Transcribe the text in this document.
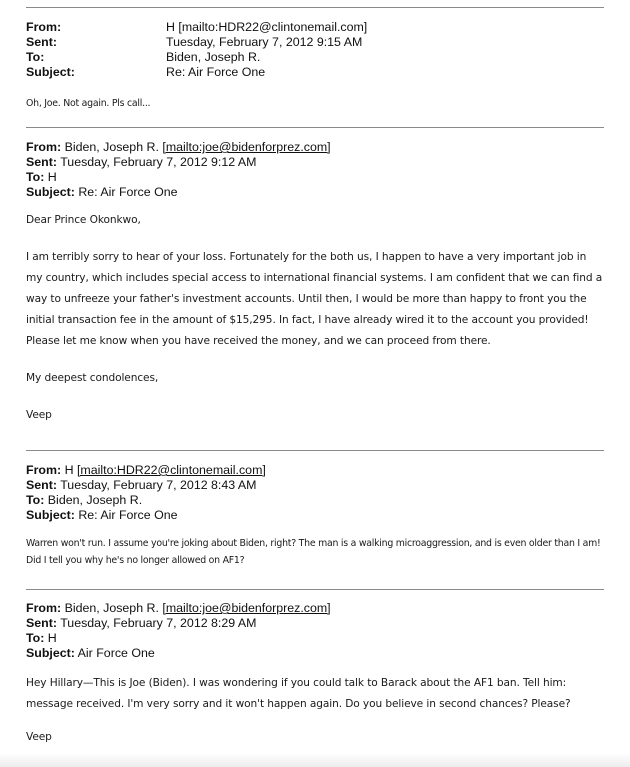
From:	H [mailto:HDR22@clintonemail.com]
Sent:	Tuesday, February 7, 2012 9:15 AM
To:	Biden, Joseph R.
Subject:	Re: Air Force One
Oh, Joe. Not again. Pls call...
From: Biden, Joseph R. [mailto:joe@bidenforprez.com]
Sent: Tuesday, February 7, 2012 9:12 AM
To: H
Subject: Re: Air Force One

Dear Prince Okonkwo,

I am terribly sorry to hear of your loss. Fortunately for the both us, I happen to have a very important job in my country, which includes special access to international financial systems. I am confident that we can find a way to unfreeze your father's investment accounts. Until then, I would be more than happy to front you the initial transaction fee in the amount of $15,295. In fact, I have already wired it to the account you provided! Please let me know when you have received the money, and we can proceed from there.

My deepest condolences,

Veep

From: H [mailto:HDR22@clintonemail.com]
Sent: Tuesday, February 7, 2012 8:43 AM
To: Biden, Joseph R.
Subject: Re: Air Force One
Warren won't run. I assume you're joking about Biden, right? The man is a walking microaggression, and is even older than I am! Did I tell you why he's no longer allowed on AF1?
From: Biden, Joseph R. [mailto:joe@bidenforprez.com]
Sent: Tuesday, February 7, 2012 8:29 AM
To: H
Subject: Air Force One

Hey Hillary—This is Joe (Biden). I was wondering if you could talk to Barack about the AF1 ban. Tell him: message received. I'm very sorry and it won't happen again. Do you believe in second chances? Please?

Veep
